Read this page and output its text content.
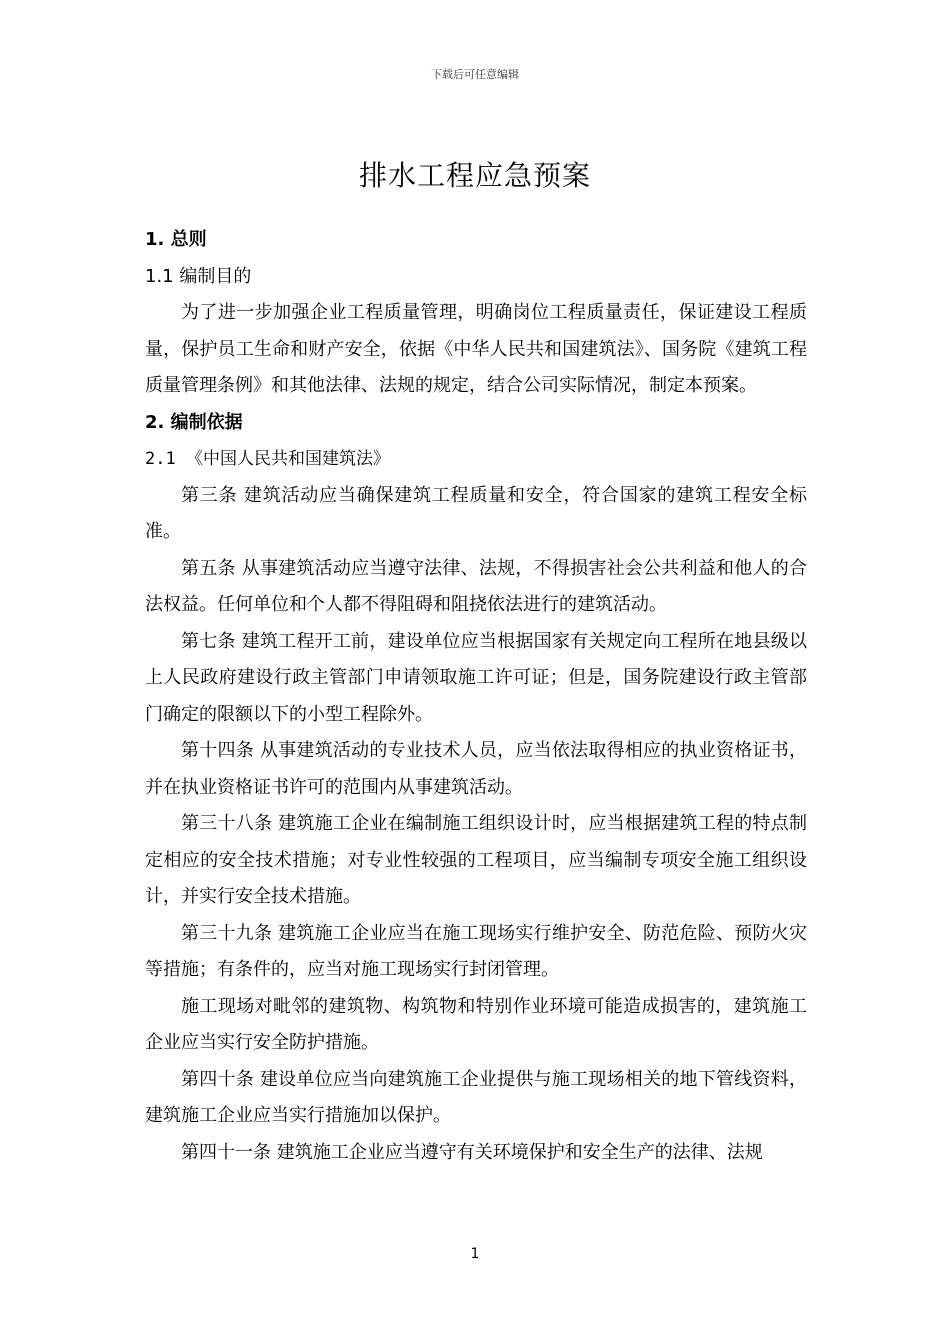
下载后可任意编辑
排水工程应急预案

1. 总则

1.1 编制目的

为了进一步加强企业工程质量管理，明确岗位工程质量责任，保证建设工程质量，保护员工生命和财产安全，依据《中华人民共和国建筑法》、国务院《建筑工程质量管理条例》和其他法律、法规的规定，结合公司实际情况，制定本预案。

2. 编制依据

2.1 《中国人民共和国建筑法》

第三条 建筑活动应当确保建筑工程质量和安全，符合国家的建筑工程安全标准。

第五条 从事建筑活动应当遵守法律、法规，不得损害社会公共利益和他人的合法权益。任何单位和个人都不得阻碍和阻挠依法进行的建筑活动。

第七条 建筑工程开工前，建设单位应当根据国家有关规定向工程所在地县级以上人民政府建设行政主管部门申请领取施工许可证；但是，国务院建设行政主管部门确定的限额以下的小型工程除外。

第十四条 从事建筑活动的专业技术人员，应当依法取得相应的执业资格证书，并在执业资格证书许可的范围内从事建筑活动。

第三十八条 建筑施工企业在编制施工组织设计时，应当根据建筑工程的特点制定相应的安全技术措施；对专业性较强的工程项目，应当编制专项安全施工组织设计，并实行安全技术措施。

第三十九条 建筑施工企业应当在施工现场实行维护安全、防范危险、预防火灾等措施；有条件的，应当对施工现场实行封闭管理。

施工现场对毗邻的建筑物、构筑物和特别作业环境可能造成损害的，建筑施工企业应当实行安全防护措施。

第四十条 建设单位应当向建筑施工企业提供与施工现场相关的地下管线资料，建筑施工企业应当实行措施加以保护。

第四十一条 建筑施工企业应当遵守有关环境保护和安全生产的法律、法规

1
